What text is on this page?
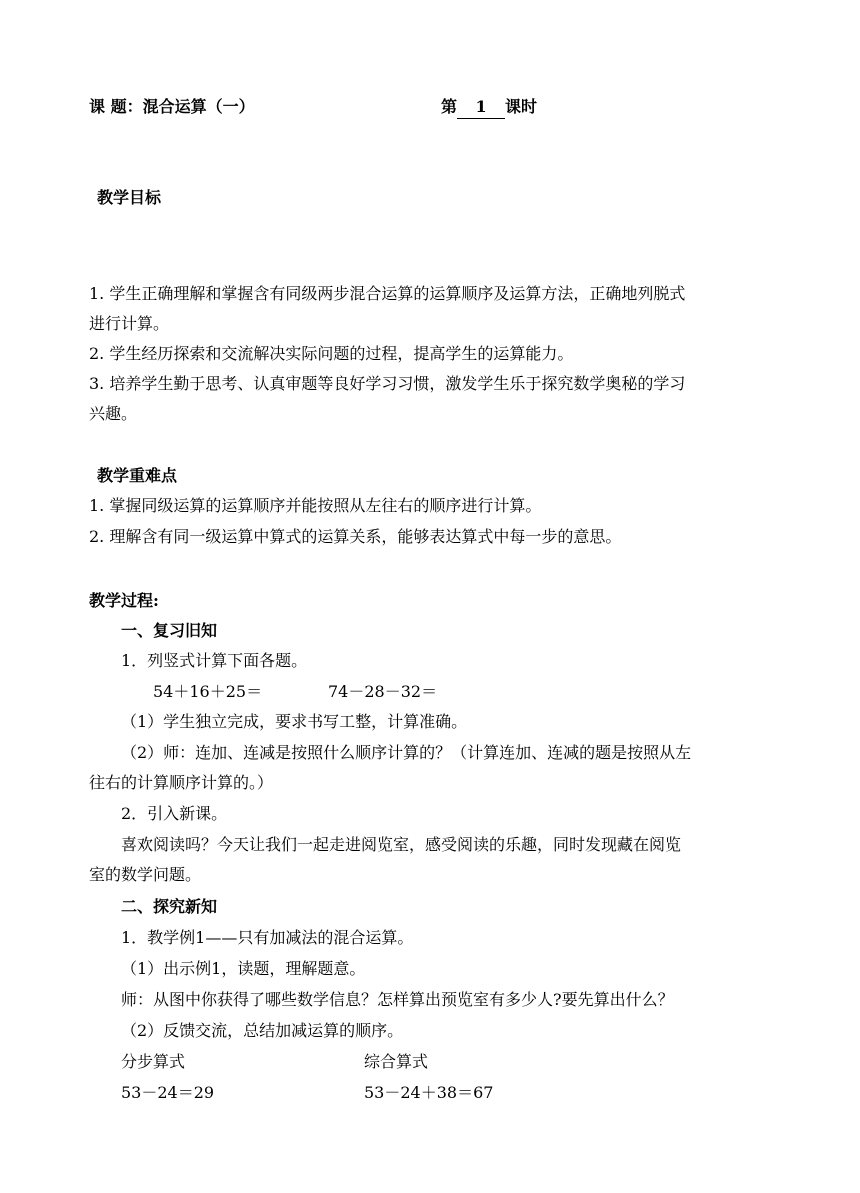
课 题：混合运算（一）	第 1 课时
教学目标
1. 学生正确理解和掌握含有同级两步混合运算的运算顺序及运算方法，正确地列脱式
进行计算。
2. 学生经历探索和交流解决实际问题的过程，提高学生的运算能力。
3. 培养学生勤于思考、认真审题等良好学习习惯，激发学生乐于探究数学奥秘的学习
兴趣。
教学重难点
1. 掌握同级运算的运算顺序并能按照从左往右的顺序进行计算。
2. 理解含有同一级运算中算式的运算关系，能够表达算式中每一步的意思。
教学过程:
一、复习旧知
1．列竖式计算下面各题。
54＋16＋25＝	74－28－32＝
（1）学生独立完成，要求书写工整，计算准确。
（2）师：连加、连减是按照什么顺序计算的？（计算连加、连减的题是按照从左
往右的计算顺序计算的。）
2．引入新课。
喜欢阅读吗？今天让我们一起走进阅览室，感受阅读的乐趣，同时发现藏在阅览
室的数学问题。
二、探究新知
1．教学例1——只有加减法的混合运算。
（1）出示例1，读题，理解题意。
师：从图中你获得了哪些数学信息？怎样算出预览室有多少人?要先算出什么？
（2）反馈交流，总结加减运算的顺序。
分步算式	综合算式
53－24＝29	53－24＋38＝67
